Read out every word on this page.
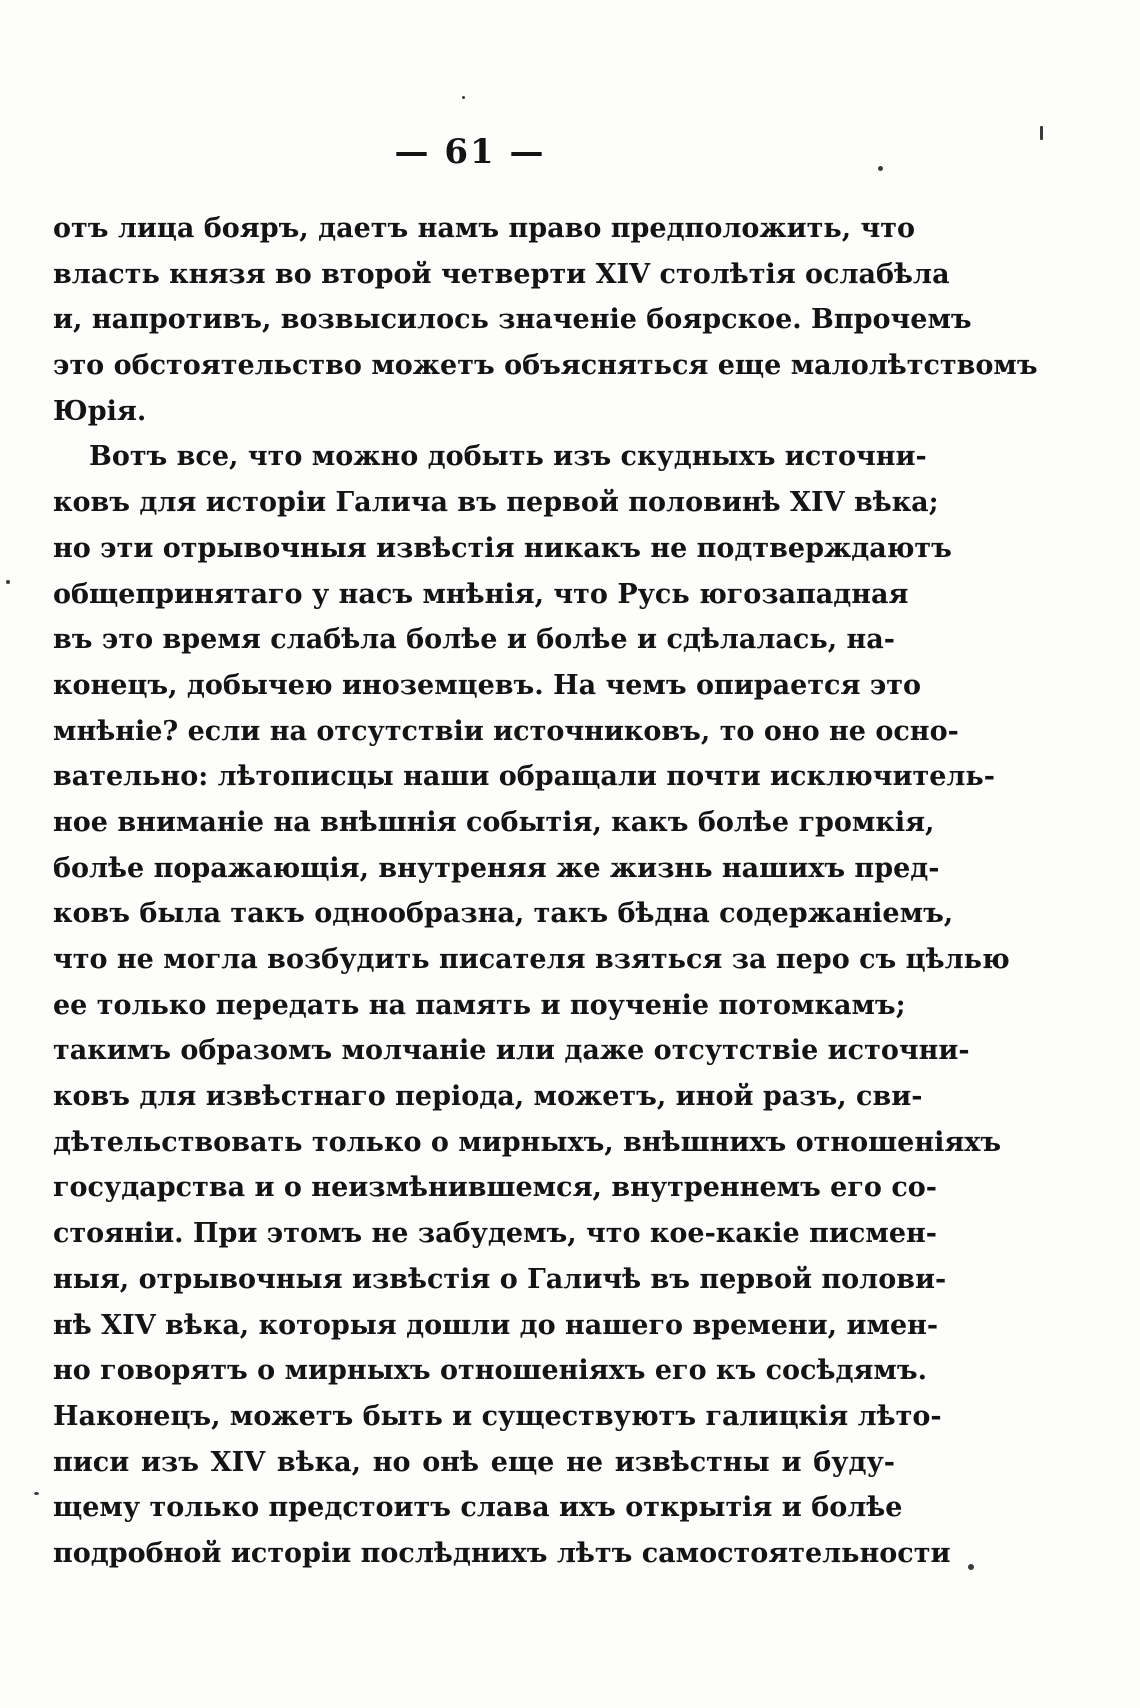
— 61 —
отъ лица бояръ, даетъ намъ право предположить, что
власть князя во второй четверти XIV столѣтія ослабѣла
и, напротивъ, возвысилось значеніе боярское. Впрочемъ
это обстоятельство можетъ объясняться еще малолѣтствомъ
Юрія.
Вотъ все, что можно добыть изъ скудныхъ источни-
ковъ для исторіи Галича въ первой половинѣ XIV вѣка;
но эти отрывочныя извѣстія никакъ не подтверждаютъ
общепринятаго у насъ мнѣнія, что Русь югозападная
въ это время слабѣла болѣе и болѣе и сдѣлалась, на-
конецъ, добычею иноземцевъ. На чемъ опирается это
мнѣніе? если на отсутствіи источниковъ, то оно не осно-
вательно: лѣтописцы наши обращали почти исключитель-
ное вниманіе на внѣшнія событія, какъ болѣе громкія,
болѣе поражающія, внутреняя же жизнь нашихъ пред-
ковъ была такъ однообразна, такъ бѣдна содержаніемъ,
что не могла возбудить писателя взяться за перо съ цѣлью
ее только передать на память и поученіе потомкамъ;
такимъ образомъ молчаніе или даже отсутствіе источни-
ковъ для извѣстнаго періода, можетъ, иной разъ, сви-
дѣтельствовать только о мирныхъ, внѣшнихъ отношеніяхъ
государства и о неизмѣнившемся, внутреннемъ его со-
стояніи. При этомъ не забудемъ, что кое-какіе писмен-
ныя, отрывочныя извѣстія о Галичѣ въ первой полови-
нѣ XIV вѣка, которыя дошли до нашего времени, имен-
но говорятъ о мирныхъ отношеніяхъ его къ сосѣдямъ.
Наконецъ, можетъ быть и существуютъ галицкія лѣто-
писи изъ XIV вѣка, но онѣ еще не извѣстны и буду-
щему только предстоитъ слава ихъ открытія и болѣе
подробной исторіи послѣднихъ лѣтъ самостоятельности
